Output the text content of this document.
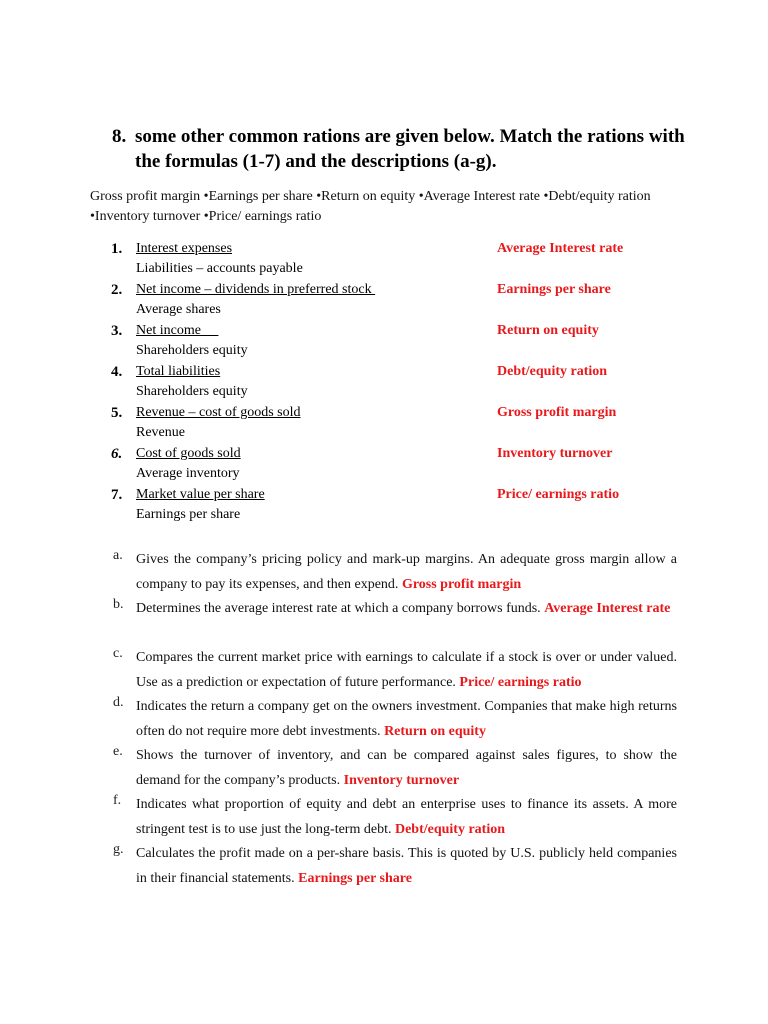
8. some other common rations are given below. Match the rations with the formulas (1-7) and the descriptions (a-g).
Gross profit margin •Earnings per share •Return on equity •Average Interest rate •Debt/equity ration •Inventory turnover •Price/ earnings ratio
1. Interest expenses
Liabilities – accounts payable
Average Interest rate
2. Net income – dividends in preferred stock
Average shares
Earnings per share
3. Net income
Shareholders equity
Return on equity
4. Total liabilities
Shareholders equity
Debt/equity ration
5. Revenue – cost of goods sold
Revenue
Gross profit margin
6. Cost of goods sold
Average inventory
Inventory turnover
7. Market value per share
Earnings per share
Price/ earnings ratio
a. Gives the company’s pricing policy and mark-up margins. An adequate gross margin allow a company to pay its expenses, and then expend. Gross profit margin
b. Determines the average interest rate at which a company borrows funds. Average Interest rate
c. Compares the current market price with earnings to calculate if a stock is over or under valued. Use as a prediction or expectation of future performance. Price/ earnings ratio
d. Indicates the return a company get on the owners investment. Companies that make high returns often do not require more debt investments. Return on equity
e. Shows the turnover of inventory, and can be compared against sales figures, to show the demand for the company’s products. Inventory turnover
f. Indicates what proportion of equity and debt an enterprise uses to finance its assets. A more stringent test is to use just the long-term debt. Debt/equity ration
g. Calculates the profit made on a per-share basis. This is quoted by U.S. publicly held companies in their financial statements. Earnings per share
